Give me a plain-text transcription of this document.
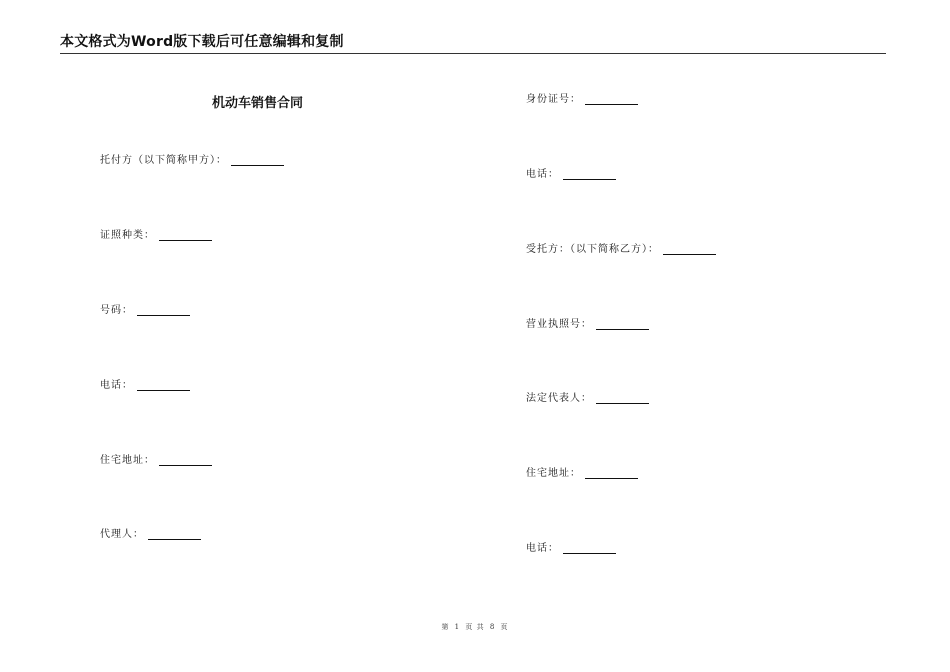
本文格式为Word版下载后可任意编辑和复制
机动车销售合同
托付方（以下简称甲方）：
证照种类：
号码：
电话：
住宅地址：
代理人：
身份证号：
电话：
受托方：（以下简称乙方）：
营业执照号：
法定代表人：
住宅地址：
电话：
第 1 页 共 8 页
